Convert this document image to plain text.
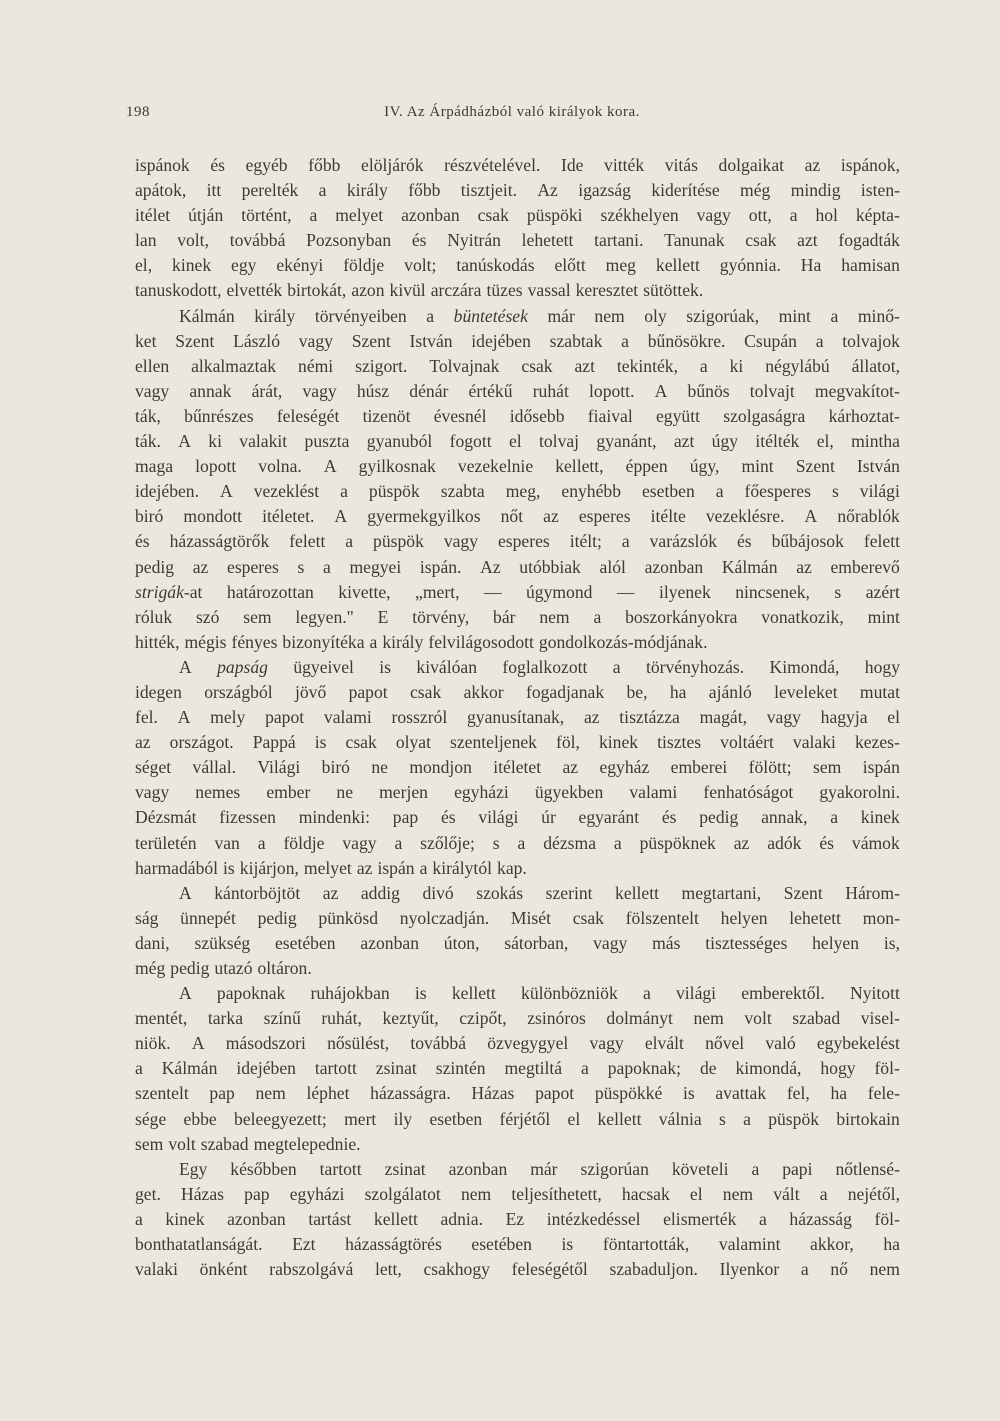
198	IV. Az Árpádházból való királyok kora.
ispánok és egyéb főbb elöljárók részvételével. Ide vitték vitás dolgaikat az ispánok,
apátok, itt perelték a király főbb tisztjeit. Az igazság kiderítése még mindig isten-
itélet útján történt, a melyet azonban csak püspöki székhelyen vagy ott, a hol képta-
lan volt, továbbá Pozsonyban és Nyitrán lehetett tartani. Tanunak csak azt fogadták
el, kinek egy ekényi földje volt; tanúskodás előtt meg kellett gyónnia. Ha hamisan
tanuskodott, elvették birtokát, azon kivül arczára tüzes vassal keresztet sütöttek.
Kálmán király törvényeiben a büntetések már nem oly szigorúak, mint a minő-
ket Szent László vagy Szent István idejében szabtak a bűnösökre. Csupán a tolvajok
ellen alkalmaztak némi szigort. Tolvajnak csak azt tekinték, a ki négylábú állatot,
vagy annak árát, vagy húsz dénár értékű ruhát lopott. A bűnös tolvajt megvakítot-
ták, bűnrészes feleségét tizenöt évesnél idősebb fiaival együtt szolgaságra kárhoztat-
ták. A ki valakit puszta gyanuból fogott el tolvaj gyanánt, azt úgy itélték el, mintha
maga lopott volna. A gyilkosnak vezekelnie kellett, éppen úgy, mint Szent István
idejében. A vezeklést a püspök szabta meg, enyhébb esetben a főesperes s világi
biró mondott itéletet. A gyermekgyilkos nőt az esperes itélte vezeklésre. A nőrablók
és házasságtörők felett a püspök vagy esperes itélt; a varázslók és bűbájosok felett
pedig az esperes s a megyei ispán. Az utóbbiak alól azonban Kálmán az emberevő
strigák-at határozottan kivette, „mert, — úgymond — ilyenek nincsenek, s azért
róluk szó sem legyen." E törvény, bár nem a boszorkányokra vonatkozik, mint
hitték, mégis fényes bizonyítéka a király felvilágosodott gondolkozás-módjának.
A papság ügyeivel is kiválóan foglalkozott a törvényhozás. Kimondá, hogy
idegen országból jövő papot csak akkor fogadjanak be, ha ajánló leveleket mutat
fel. A mely papot valami rosszról gyanusítanak, az tisztázza magát, vagy hagyja el
az országot. Pappá is csak olyat szenteljenek föl, kinek tisztes voltáért valaki kezes-
séget vállal. Világi biró ne mondjon itéletet az egyház emberei fölött; sem ispán
vagy nemes ember ne merjen egyházi ügyekben valami fenhatóságot gyakorolni.
Dézsmát fizessen mindenki: pap és világi úr egyaránt és pedig annak, a kinek
területén van a földje vagy a szőlője; s a dézsma a püspöknek az adók és vámok
harmadából is kijárjon, melyet az ispán a királytól kap.
A kántorböjtöt az addig divó szokás szerint kellett megtartani, Szent Három-
ság ünnepét pedig pünkösd nyolczadján. Misét csak fölszentelt helyen lehetett mon-
dani, szükség esetében azonban úton, sátorban, vagy más tisztességes helyen is,
még pedig utazó oltáron.
A papoknak ruhájokban is kellett különbözniök a világi emberektől. Nyitott
mentét, tarka színű ruhát, keztyűt, czipőt, zsinóros dolmányt nem volt szabad visel-
niök. A másodszori nősülést, továbbá özvegygyel vagy elvált nővel való egybekelést
a Kálmán idejében tartott zsinat szintén megtiltá a papoknak; de kimondá, hogy föl-
szentelt pap nem léphet házasságra. Házas papot püspökké is avattak fel, ha fele-
sége ebbe beleegyezett; mert ily esetben férjétől el kellett válnia s a püspök birtokain
sem volt szabad megtelepednie.
Egy későbben tartott zsinat azonban már szigorúan követeli a papi nőtlensé-
get. Házas pap egyházi szolgálatot nem teljesíthetett, hacsak el nem vált a nejétől,
a kinek azonban tartást kellett adnia. Ez intézkedéssel elismerték a házasság föl-
bonthatatlanságát. Ezt házasságtörés esetében is föntartották, valamint akkor, ha
valaki önként rabszolgává lett, csakhogy feleségétől szabaduljon. Ilyenkor a nő nem
